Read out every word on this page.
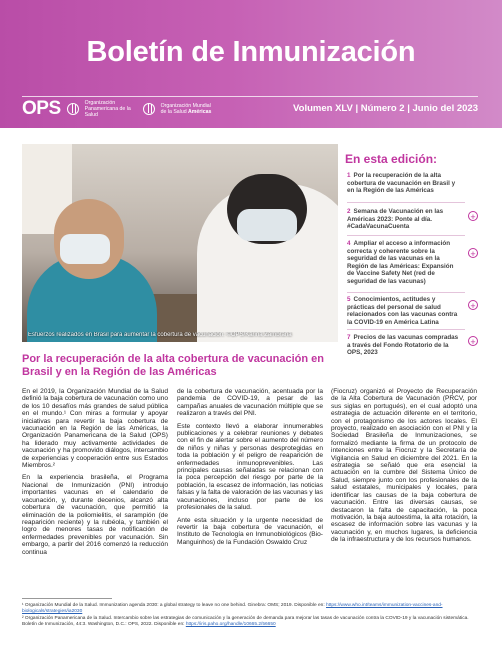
Boletín de Inmunización
OPS	Organización Panamericana de la Salud
Organización Mundial de la Salud Américas	Volumen XLV | Número 2 | Junio del 2023
Esfuerzos realizados en Brasil para aumentar la cobertura de vacunación. ©OPS/Karina Zambrana
En esta edición:
1 Por la recuperación de la alta cobertura de vacunación en Brasil y en la Región de las Américas
2 Semana de Vacunación en las Américas 2023: Ponte al día. #CadaVacunaCuenta
+
4 Ampliar el acceso a información correcta y coherente sobre la seguridad de las vacunas en la Región de las Américas: Expansión de Vaccine Safety Net (red de seguridad de las vacunas)
+
5 Conocimientos, actitudes y prácticas del personal de salud relacionados con las vacunas contra la COVID-19 en América Latina
+
7 Precios de las vacunas compradas a través del Fondo Rotatorio de la OPS, 2023
+
Por la recuperación de la alta cobertura de vacunación en Brasil y en la Región de las Américas

En el 2019, la Organización Mundial de la Salud definió la baja cobertura de vacunación como uno de los 10 desafíos más grandes de salud pública en el mundo.¹ Con miras a formular y apoyar iniciativas para revertir la baja cobertura de vacunación en la Región de las Américas, la Organización Panamericana de la Salud (OPS) ha liderado muy activamente actividades de vacunación y ha promovido diálogos, intercambio de experiencias y cooperación entre sus Estados Miembros.²

En la experiencia brasileña, el Programa Nacional de Inmunización (PNI) introdujo importantes vacunas en el calendario de vacunación, y, durante decenios, alcanzó alta cobertura de vacunación, que permitió la eliminación de la poliomielitis, el sarampión (de reaparición reciente) y la rubéola, y también el logro de menores tasas de notificación de enfermedades prevenibles por vacunación. Sin embargo, a partir del 2016 comenzó la reducción continua

de la cobertura de vacunación, acentuada por la pandemia de COVID-19, a pesar de las campañas anuales de vacunación múltiple que se realizaron a través del PNI.

Este contexto llevó a elaborar innumerables publicaciones y a celebrar reuniones y debates con el fin de alertar sobre el aumento del número de niños y niñas y personas desprotegidas en toda la población y el peligro de reaparición de enfermedades inmunoprevenibles. Las principales causas señaladas se relacionan con la poca percepción del riesgo por parte de la población, la escasez de información, las noticias falsas y la falta de valoración de las vacunas y las vacunaciones, incluso por parte de los profesionales de la salud.

Ante esta situación y la urgente necesidad de revertir la baja cobertura de vacunación, el Instituto de Tecnología en Inmunobiológicos (Bio-Manguinhos) de la Fundación Oswaldo Cruz

(Fiocruz) organizó el Proyecto de Recuperación de la Alta Cobertura de Vacunación (PRCV, por sus siglas en portugués), en el cual adoptó una estrategia de actuación diferente en el territorio, con el protagonismo de los actores locales. El proyecto, realizado en asociación con el PNI y la Sociedad Brasileña de Inmunizaciones, se formalizó mediante la firma de un protocolo de intenciones entre la Fiocruz y la Secretaría de Vigilancia en Salud en diciembre del 2021. En la estrategia se señaló que era esencial la actuación en la cumbre del Sistema Único de Salud, siempre junto con los profesionales de la salud estatales, municipales y locales, para identificar las causas de la baja cobertura de vacunación. Entre las diversas causas, se destacaron la falta de capacitación, la poca motivación, la baja autoestima, la alta rotación, la escasez de información sobre las vacunas y la vacunación y, en muchos lugares, la deficiencia de la infraestructura y de los recursos humanos.

¹ Organización Mundial de la Salud. Immunization agenda 2030: a global strategy to leave no one behind. Ginebra: OMS; 2019. Disponible en: https://www.who.int/teams/immunization-vaccines-and-biologicals/strategies/ia2030
² Organización Panamericana de la Salud. Intercambio sobre las estrategias de comunicación y la generación de demanda para mejorar las tasas de vacunación contra la COVID-19 y la vacunación sistemática. Boletín de Inmunización, 44:3. Washington, D.C.: OPS, 2022. Disponible en: https://iris.paho.org/handle/10665.2/56650
